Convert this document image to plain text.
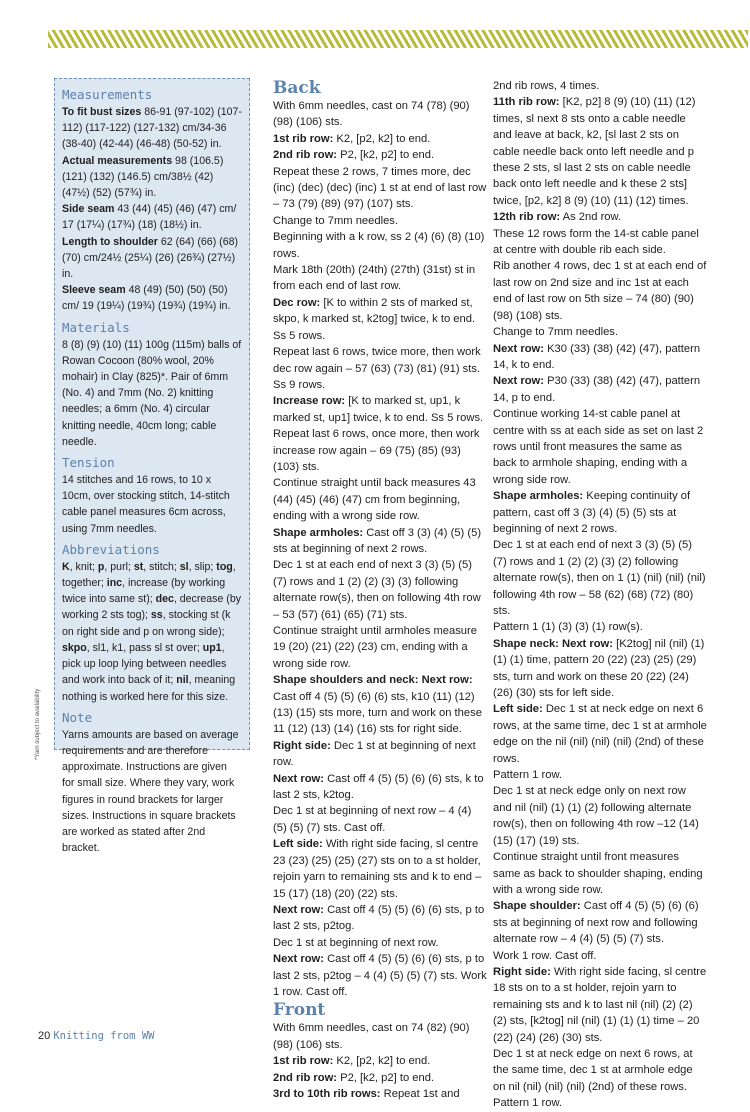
Measurements

To fit bust sizes 86-91 (97-102) (107-112) (117-122) (127-132) cm/34-36 (38-40) (42-44) (46-48) (50-52) in.

Actual measurements 98 (106.5) (121) (132) (146.5) cm/38½ (42) (47½) (52) (57¾) in.

Side seam 43 (44) (45) (46) (47) cm/ 17 (17¼) (17¾) (18) (18½) in.

Length to shoulder 62 (64) (66) (68) (70) cm/24½ (25¼) (26) (26¾) (27½) in.

Sleeve seam 48 (49) (50) (50) (50) cm/ 19 (19¼) (19¾) (19¾) (19¾) in.

Materials

8 (8) (9) (10) (11) 100g (115m) balls of Rowan Cocoon (80% wool, 20% mohair) in Clay (825)*. Pair of 6mm (No. 4) and 7mm (No. 2) knitting needles; a 6mm (No. 4) circular knitting needle, 40cm long; cable needle.

Tension

14 stitches and 16 rows, to 10 x 10cm, over stocking stitch, 14-stitch cable panel measures 6cm across, using 7mm needles.

Abbreviations

K, knit; p, purl; st, stitch; sl, slip; tog, together; inc, increase (by working twice into same st); dec, decrease (by working 2 sts tog); ss, stocking st (k on right side and p on wrong side); skpo, sl1, k1, pass sl st over; up1, pick up loop lying between needles and work into back of it; nil, meaning nothing is worked here for this size.

Note

Yarns amounts are based on average requirements and are therefore approximate. Instructions are given for small size. Where they vary, work figures in round brackets for larger sizes. Instructions in square brackets are worked as stated after 2nd bracket.

*Yarn subject to availability
Back

With 6mm needles, cast on 74 (78) (90) (98) (106) sts.

1st rib row: K2, [p2, k2] to end.

2nd rib row: P2, [k2, p2] to end.

Repeat these 2 rows, 7 times more, dec (inc) (dec) (dec) (inc) 1 st at end of last row – 73 (79) (89) (97) (107) sts.

Change to 7mm needles.

Beginning with a k row, ss 2 (4) (6) (8) (10) rows.

Mark 18th (20th) (24th) (27th) (31st) st in from each end of last row.

Dec row: [K to within 2 sts of marked st, skpo, k marked st, k2tog] twice, k to end. Ss 5 rows.

Repeat last 6 rows, twice more, then work dec row again – 57 (63) (73) (81) (91) sts.

Ss 9 rows.

Increase row: [K to marked st, up1, k marked st, up1] twice, k to end. Ss 5 rows. Repeat last 6 rows, once more, then work increase row again – 69 (75) (85) (93) (103) sts.

Continue straight until back measures 43 (44) (45) (46) (47) cm from beginning, ending with a wrong side row.

Shape armholes: Cast off 3 (3) (4) (5) (5) sts at beginning of next 2 rows.

Dec 1 st at each end of next 3 (3) (5) (5) (7) rows and 1 (2) (2) (3) (3) following alternate row(s), then on following 4th row – 53 (57) (61) (65) (71) sts.

Continue straight until armholes measure 19 (20) (21) (22) (23) cm, ending with a wrong side row.

Shape shoulders and neck: Next row: Cast off 4 (5) (5) (6) (6) sts, k10 (11) (12) (13) (15) sts more, turn and work on these 11 (12) (13) (14) (16) sts for right side.

Right side: Dec 1 st at beginning of next row.

Next row: Cast off 4 (5) (5) (6) (6) sts, k to last 2 sts, k2tog.

Dec 1 st at beginning of next row – 4 (4) (5) (5) (7) sts. Cast off.

Left side: With right side facing, sl centre 23 (23) (25) (25) (27) sts on to a st holder, rejoin yarn to remaining sts and k to end – 15 (17) (18) (20) (22) sts.

Next row: Cast off 4 (5) (5) (6) (6) sts, p to last 2 sts, p2tog.

Dec 1 st at beginning of next row.

Next row: Cast off 4 (5) (5) (6) (6) sts, p to last 2 sts, p2tog – 4 (4) (5) (5) (7) sts. Work 1 row. Cast off.

Front

With 6mm needles, cast on 74 (82) (90) (98) (106) sts.

1st rib row: K2, [p2, k2] to end.

2nd rib row: P2, [k2, p2] to end.

3rd to 10th rib rows: Repeat 1st and

2nd rib rows, 4 times.

11th rib row: [K2, p2] 8 (9) (10) (11) (12) times, sl next 8 sts onto a cable needle and leave at back, k2, [sl last 2 sts on cable needle back onto left needle and p these 2 sts, sl last 2 sts on cable needle back onto left needle and k these 2 sts] twice, [p2, k2] 8 (9) (10) (11) (12) times.

12th rib row: As 2nd row.

These 12 rows form the 14-st cable panel at centre with double rib each side.

Rib another 4 rows, dec 1 st at each end of last row on 2nd size and inc 1st at each end of last row on 5th size – 74 (80) (90) (98) (108) sts.

Change to 7mm needles.

Next row: K30 (33) (38) (42) (47), pattern 14, k to end.

Next row: P30 (33) (38) (42) (47), pattern 14, p to end.

Continue working 14-st cable panel at centre with ss at each side as set on last 2 rows until front measures the same as back to armhole shaping, ending with a wrong side row.

Shape armholes: Keeping continuity of pattern, cast off 3 (3) (4) (5) (5) sts at beginning of next 2 rows.

Dec 1 st at each end of next 3 (3) (5) (5) (7) rows and 1 (2) (2) (3) (2) following alternate row(s), then on 1 (1) (nil) (nil) (nil) following 4th row – 58 (62) (68) (72) (80) sts.

Pattern 1 (1) (3) (3) (1) row(s).

Shape neck: Next row: [K2tog] nil (nil) (1) (1) (1) time, pattern 20 (22) (23) (25) (29) sts, turn and work on these 20 (22) (24) (26) (30) sts for left side.

Left side: Dec 1 st at neck edge on next 6 rows, at the same time, dec 1 st at armhole edge on the nil (nil) (nil) (nil) (2nd) of these rows.

Pattern 1 row.

Dec 1 st at neck edge only on next row and nil (nil) (1) (1) (2) following alternate row(s), then on following 4th row –12 (14) (15) (17) (19) sts.

Continue straight until front measures same as back to shoulder shaping, ending with a wrong side row.

Shape shoulder: Cast off 4 (5) (5) (6) (6) sts at beginning of next row and following alternate row – 4 (4) (5) (5) (7) sts.

Work 1 row. Cast off.

Right side: With right side facing, sl centre 18 sts on to a st holder, rejoin yarn to remaining sts and k to last nil (nil) (2) (2) (2) sts, [k2tog] nil (nil) (1) (1) (1) time – 20 (22) (24) (26) (30) sts.

Dec 1 st at neck edge on next 6 rows, at the same time, dec 1 st at armhole edge on nil (nil) (nil) (nil) (2nd) of these rows.

Pattern 1 row.

20 Knitting from WW
